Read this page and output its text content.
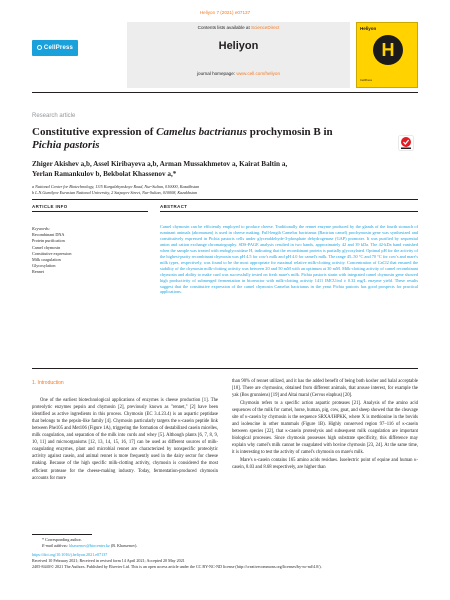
Heliyon 7 (2021) e07137
CellPress
Contents lists available at ScienceDirect
Heliyon
journal homepage: www.cell.com/heliyon
Heliyon
H
CellPress
Research article
Constitutive expression of Camelus bactrianus prochymosin B in
Pichia pastoris
Zhiger Akishev a,b, Assel Kiribayeva a,b, Arman Mussakhmetov a, Kairat Baltin a,
Yerlan Ramankulov b, Bekbolat Khassenov a,*
a National Center for Biotechnology, 13/5 Kurgalzhynskoye Road, Nur-Sultan, 010000, Kazakhstan
b L.N.Gumilyov Eurasian National University, 2 Satpayev Street, Nur-Sultan, 010008, Kazakhstan
ARTICLE INFO	ABSTRACT
Keywords:
Recombinant DNA
Protein purification
Camel chymosin
Constitutive expression
Milk coagulation
Glycosylation
Rennet
Camel chymosin can be efficiently employed to produce cheese. Traditionally the rennet enzyme produced by the glands of the fourth stomach of ruminant animals (abomasum) is used in cheese making. Full-length Camelus bactrianus (Bactrian camel) prochymosin gene was synthesized and constitutively expressed in Pichia pastoris cells under glyceraldehyde-3-phosphate dehydrogenase (GAP) promoter. It was purified by sequential anion and cation exchange chromatography. SDS-PAGE analysis resulted in two bands, approximately 42 and 39 kDa. The 42-kDa band vanished when the sample was treated with endoglycosidase H, indicating that the recombinant protein is partially glycosylated. Optimal pH for the activity of the highest-purity recombinant chymosin was pH 4.5 for cow's milk and pH 4.0 for camel's milk. The range 45–50 °C and 70 °C for cow's and mare's milk types, respectively, was found to be the most appropriate for maximal relative milk-clotting activity. Concentration of CaCl2 that ensured the stability of the chymosin milk-clotting activity was between 20 and 50 mM with an optimum at 30 mM. Milk-clotting activity of camel recombinant chymosin and ability to make curd was successfully tested on fresh mare's milk. Pichia pastoris strain with integrated camel chymosin gene showed high productivity of submerged fermentation in bioreactor with milk-clotting activity 1411 IMCU/ml ± 0.32 mg/L enzyme yield. These results suggest that the constitutive expression of the camel chymosin Camelus bactrianus in the yeast Pichia pastoris has good prospects for practical applications.
1. Introduction

One of the earliest biotechnological applications of enzymes is cheese production [1]. The proteolytic enzymes pepsin and chymosin [2], previously known as "rennet," [2] have been identified as active ingredients in this process. Chymosin (EC 3.4.23.4) is an aspartic peptidase that belongs to the pepsin-like family [4]. Chymosin particularly targets the κ-casein peptide link between Phe105 and Met106 (Figure 1A), triggering the formation of destabilized casein micelles, milk coagulation, and separation of the milk into curds and whey [5]. Although plants [6, 7, 8, 9, 10, 11] and microorganisms [12, 13, 14, 15, 16, 17] can be used as different sources of milk-coagulating enzymes, plant and microbial rennet are characterized by nonspecific proteolytic activity against casein, and animal rennet is more frequently used in the dairy sector for cheese making. Because of the high specific milk-clotting activity, chymosin is considered the most efficient protease for the cheese-making industry. Today, fermentation-produced chymosin accounts for more

than 90% of rennet utilized, and it has the added benefit of being both kosher and halal acceptable [18]. There are chymosins, obtained from different animals, that arouse interest, for example the yak (Bos grunniens) [19] and Altai maral (Cervus elaphus) [20].

Chymosin refers to a specific action aspartic proteases [21]. Analysis of the amino acid sequences of the milk for camel, horse, human, pig, cow, goat, and sheep showed that the cleavage site of κ-casein by chymosin is the sequence SRXA/IHPKK, where X is methionine in the bovids and isoleucine in other mammals (Figure 1B). Highly conserved region 97–116 of κ-casein between species [22], that κ-casein proteolysis and subsequent milk coagulation are important biological processes. Since chymosin possesses high substrate specificity, this difference may explain why camel's milk cannot be coagulated with bovine chymosin [23, 24]. At the same time, it is interesting to test the activity of camel's chymosin on mare's milk.

Mare's κ-casein contains 165 amino acids residues. Isoelectric point of equine and human κ-casein, 8.03 and 8.68 respectively, are higher than

* Corresponding author.
E-mail address: khassenov@biocenter.kz (B. Khassenov).
https://doi.org/10.1016/j.heliyon.2021.e07137
Received 10 February 2021; Received in revised form 14 April 2021; Accepted 20 May 2021
2405-8440/© 2021 The Authors. Published by Elsevier Ltd. This is an open access article under the CC BY-NC-ND license (http://creativecommons.org/licenses/by-nc-nd/4.0/).
